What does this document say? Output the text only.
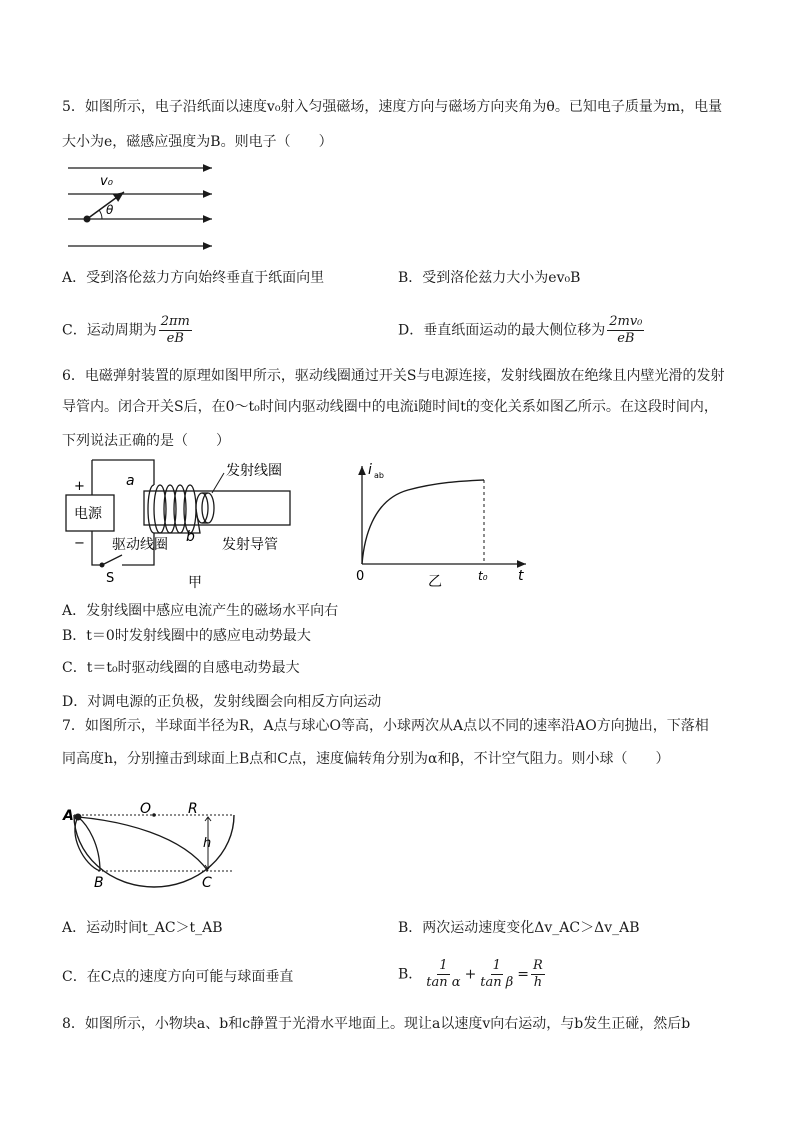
5．如图所示，电子沿纸面以速度v₀射入匀强磁场，速度方向与磁场方向夹角为θ。已知电子质量为m，电量
大小为e，磁感应强度为B。则电子（　　）
v₀
θ
A．受到洛伦兹力方向始终垂直于纸面向里	B．受到洛伦兹力大小为ev₀B
C．运动周期为 $\frac{2\pi m}{eB}$	D．垂直纸面运动的最大侧位移为 $\frac{\text{2mv₀}}{eB}$
6．电磁弹射装置的原理如图甲所示，驱动线圈通过开关S与电源连接，发射线圈放在绝缘且内壁光滑的发射
导管内。闭合开关S后，在0～t₀时间内驱动线圈中的电流i随时间t的变化关系如图乙所示。在这段时间内，
下列说法正确的是（　　）
S
电源
+
−
发射线圈
a
b
驱动线圈	发射导管
甲
i ab
0	t₀ t
乙
A．发射线圈中感应电流产生的磁场水平向右
B．t＝0时发射线圈中的感应电动势最大
C．t＝t₀时驱动线圈的自感电动势最大
D．对调电源的正负极，发射线圈会向相反方向运动
7．如图所示，半球面半径为R，A点与球心O等高，小球两次从A点以不同的速率沿AO方向抛出，下落相
同高度h，分别撞击到球面上B点和C点，速度偏转角分别为α和β，不计空气阻力。则小球（　　）
A	O	R
h
B	C
A．运动时间t_AC＞t_AB	B．两次运动速度变化Δv_AC＞Δv_AB
C．在C点的速度方向可能与球面垂直	B． $\frac{1}{\text{tan α}} + \frac{1}{\text{tan β}} = \frac{R}{h}$
8．如图所示，小物块a、b和c静置于光滑水平地面上。现让a以速度v向右运动，与b发生正碰，然后b
